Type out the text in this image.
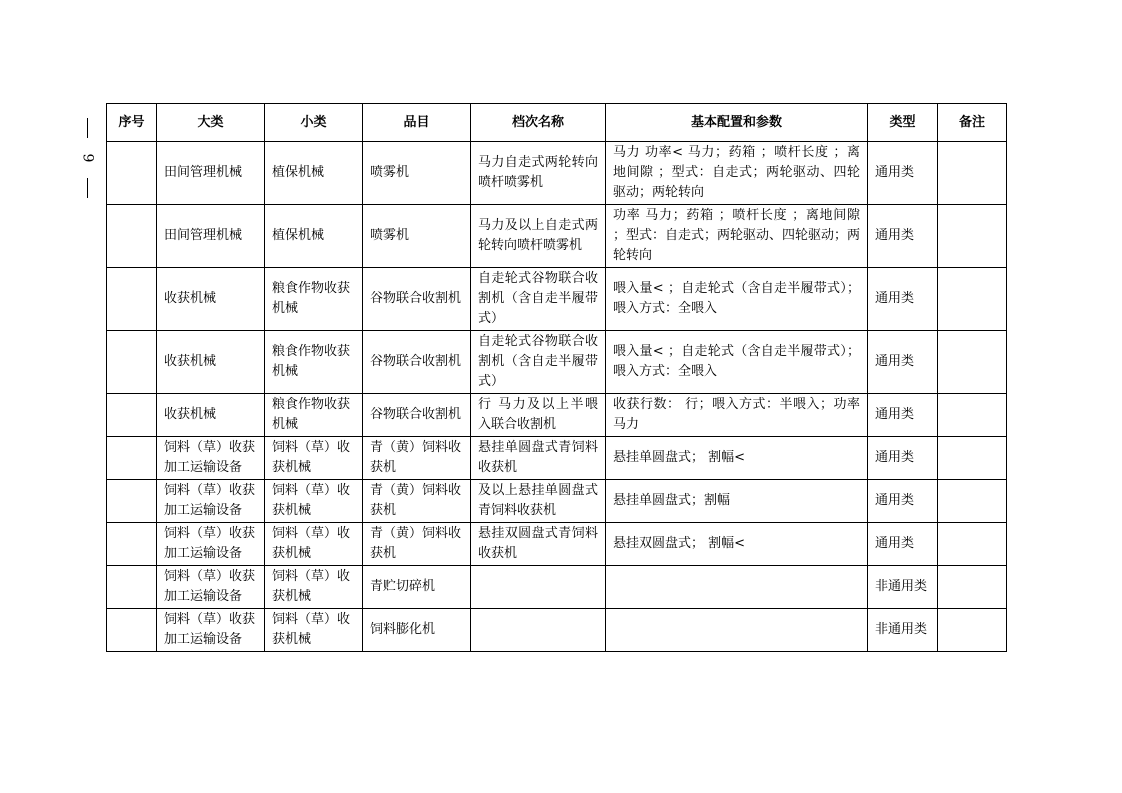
9
序号	大类	小类	品目	档次名称	基本配置和参数	类型	备注
	田间管理机械	植保机械	喷雾机	马力自走式两轮转向喷杆喷雾机	马力 功率< 马力；药箱 ；喷杆长度 ；离地间隙 ；型式：自走式；两轮驱动、四轮驱动；两轮转向	通用类	
	田间管理机械	植保机械	喷雾机	马力及以上自走式两轮转向喷杆喷雾机	功率 马力；药箱 ；喷杆长度 ；离地间隙 ；型式：自走式；两轮驱动、四轮驱动；两轮转向	通用类	
	收获机械	粮食作物收获机械	谷物联合收割机	自走轮式谷物联合收割机（含自走半履带式）	喂入量< ；自走轮式（含自走半履带式）；喂入方式：全喂入	通用类	
	收获机械	粮食作物收获机械	谷物联合收割机	自走轮式谷物联合收割机（含自走半履带式）	喂入量< ；自走轮式（含自走半履带式）；喂入方式：全喂入	通用类	
	收获机械	粮食作物收获机械	谷物联合收割机	行 马力及以上半喂入联合收割机	收获行数： 行；喂入方式：半喂入；功率 马力	通用类	
	饲料（草）收获加工运输设备	饲料（草）收获机械	青（黄）饲料收获机	悬挂单圆盘式青饲料收获机	悬挂单圆盘式； 割幅<	通用类	
	饲料（草）收获加工运输设备	饲料（草）收获机械	青（黄）饲料收获机	及以上悬挂单圆盘式青饲料收获机	悬挂单圆盘式；割幅	通用类	
	饲料（草）收获加工运输设备	饲料（草）收获机械	青（黄）饲料收获机	悬挂双圆盘式青饲料收获机	悬挂双圆盘式； 割幅<	通用类	
	饲料（草）收获加工运输设备	饲料（草）收获机械	青贮切碎机			非通用类	
	饲料（草）收获加工运输设备	饲料（草）收获机械	饲料膨化机			非通用类	
